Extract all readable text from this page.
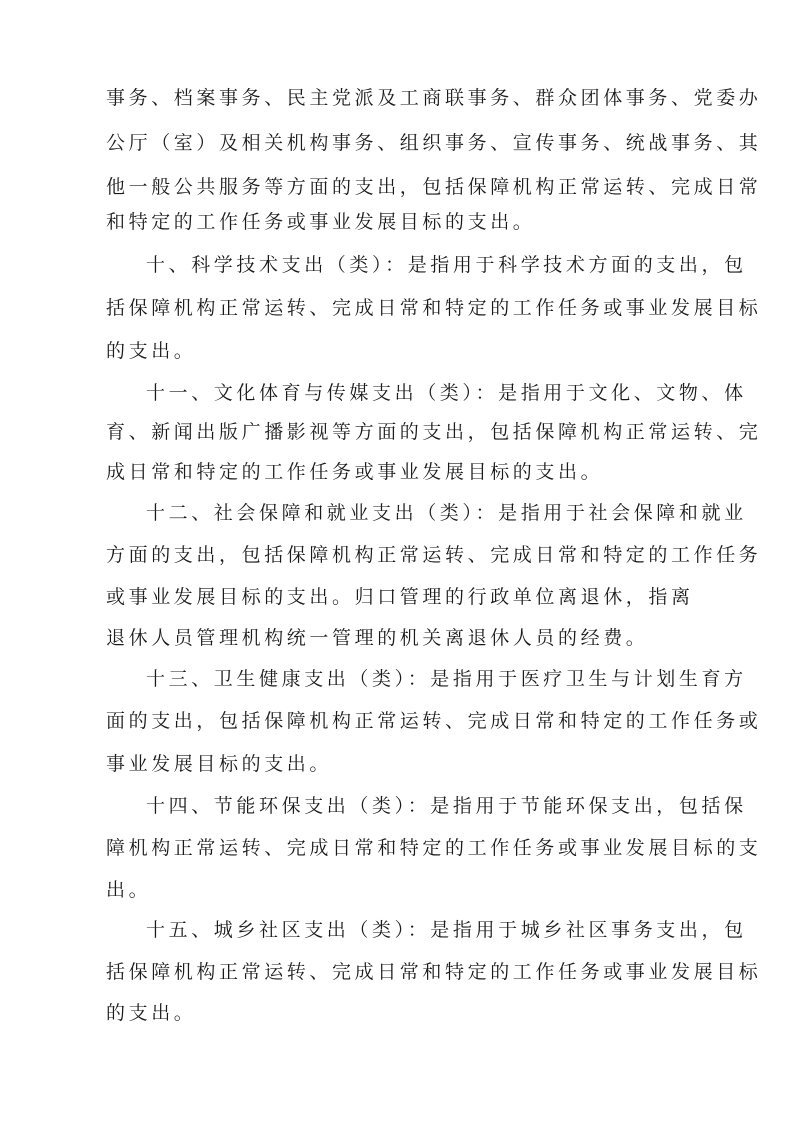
事务、档案事务、民主党派及工商联事务、群众团体事务、党委办

公厅（室）及相关机构事务、组织事务、宣传事务、统战事务、其

他一般公共服务等方面的支出，包括保障机构正常运转、完成日常

和特定的工作任务或事业发展目标的支出。

十、科学技术支出（类）：是指用于科学技术方面的支出，包

括保障机构正常运转、完成日常和特定的工作任务或事业发展目标

的支出。

十一、文化体育与传媒支出（类）：是指用于文化、文物、体

育、新闻出版广播影视等方面的支出，包括保障机构正常运转、完

成日常和特定的工作任务或事业发展目标的支出。

十二、社会保障和就业支出（类）：是指用于社会保障和就业

方面的支出，包括保障机构正常运转、完成日常和特定的工作任务

或事业发展目标的支出。归口管理的行政单位离退休，指离

退休人员管理机构统一管理的机关离退休人员的经费。

十三、卫生健康支出（类）：是指用于医疗卫生与计划生育方

面的支出，包括保障机构正常运转、完成日常和特定的工作任务或

事业发展目标的支出。

十四、节能环保支出（类）：是指用于节能环保支出，包括保

障机构正常运转、完成日常和特定的工作任务或事业发展目标的支

出。

十五、城乡社区支出（类）：是指用于城乡社区事务支出，包

括保障机构正常运转、完成日常和特定的工作任务或事业发展目标

的支出。
